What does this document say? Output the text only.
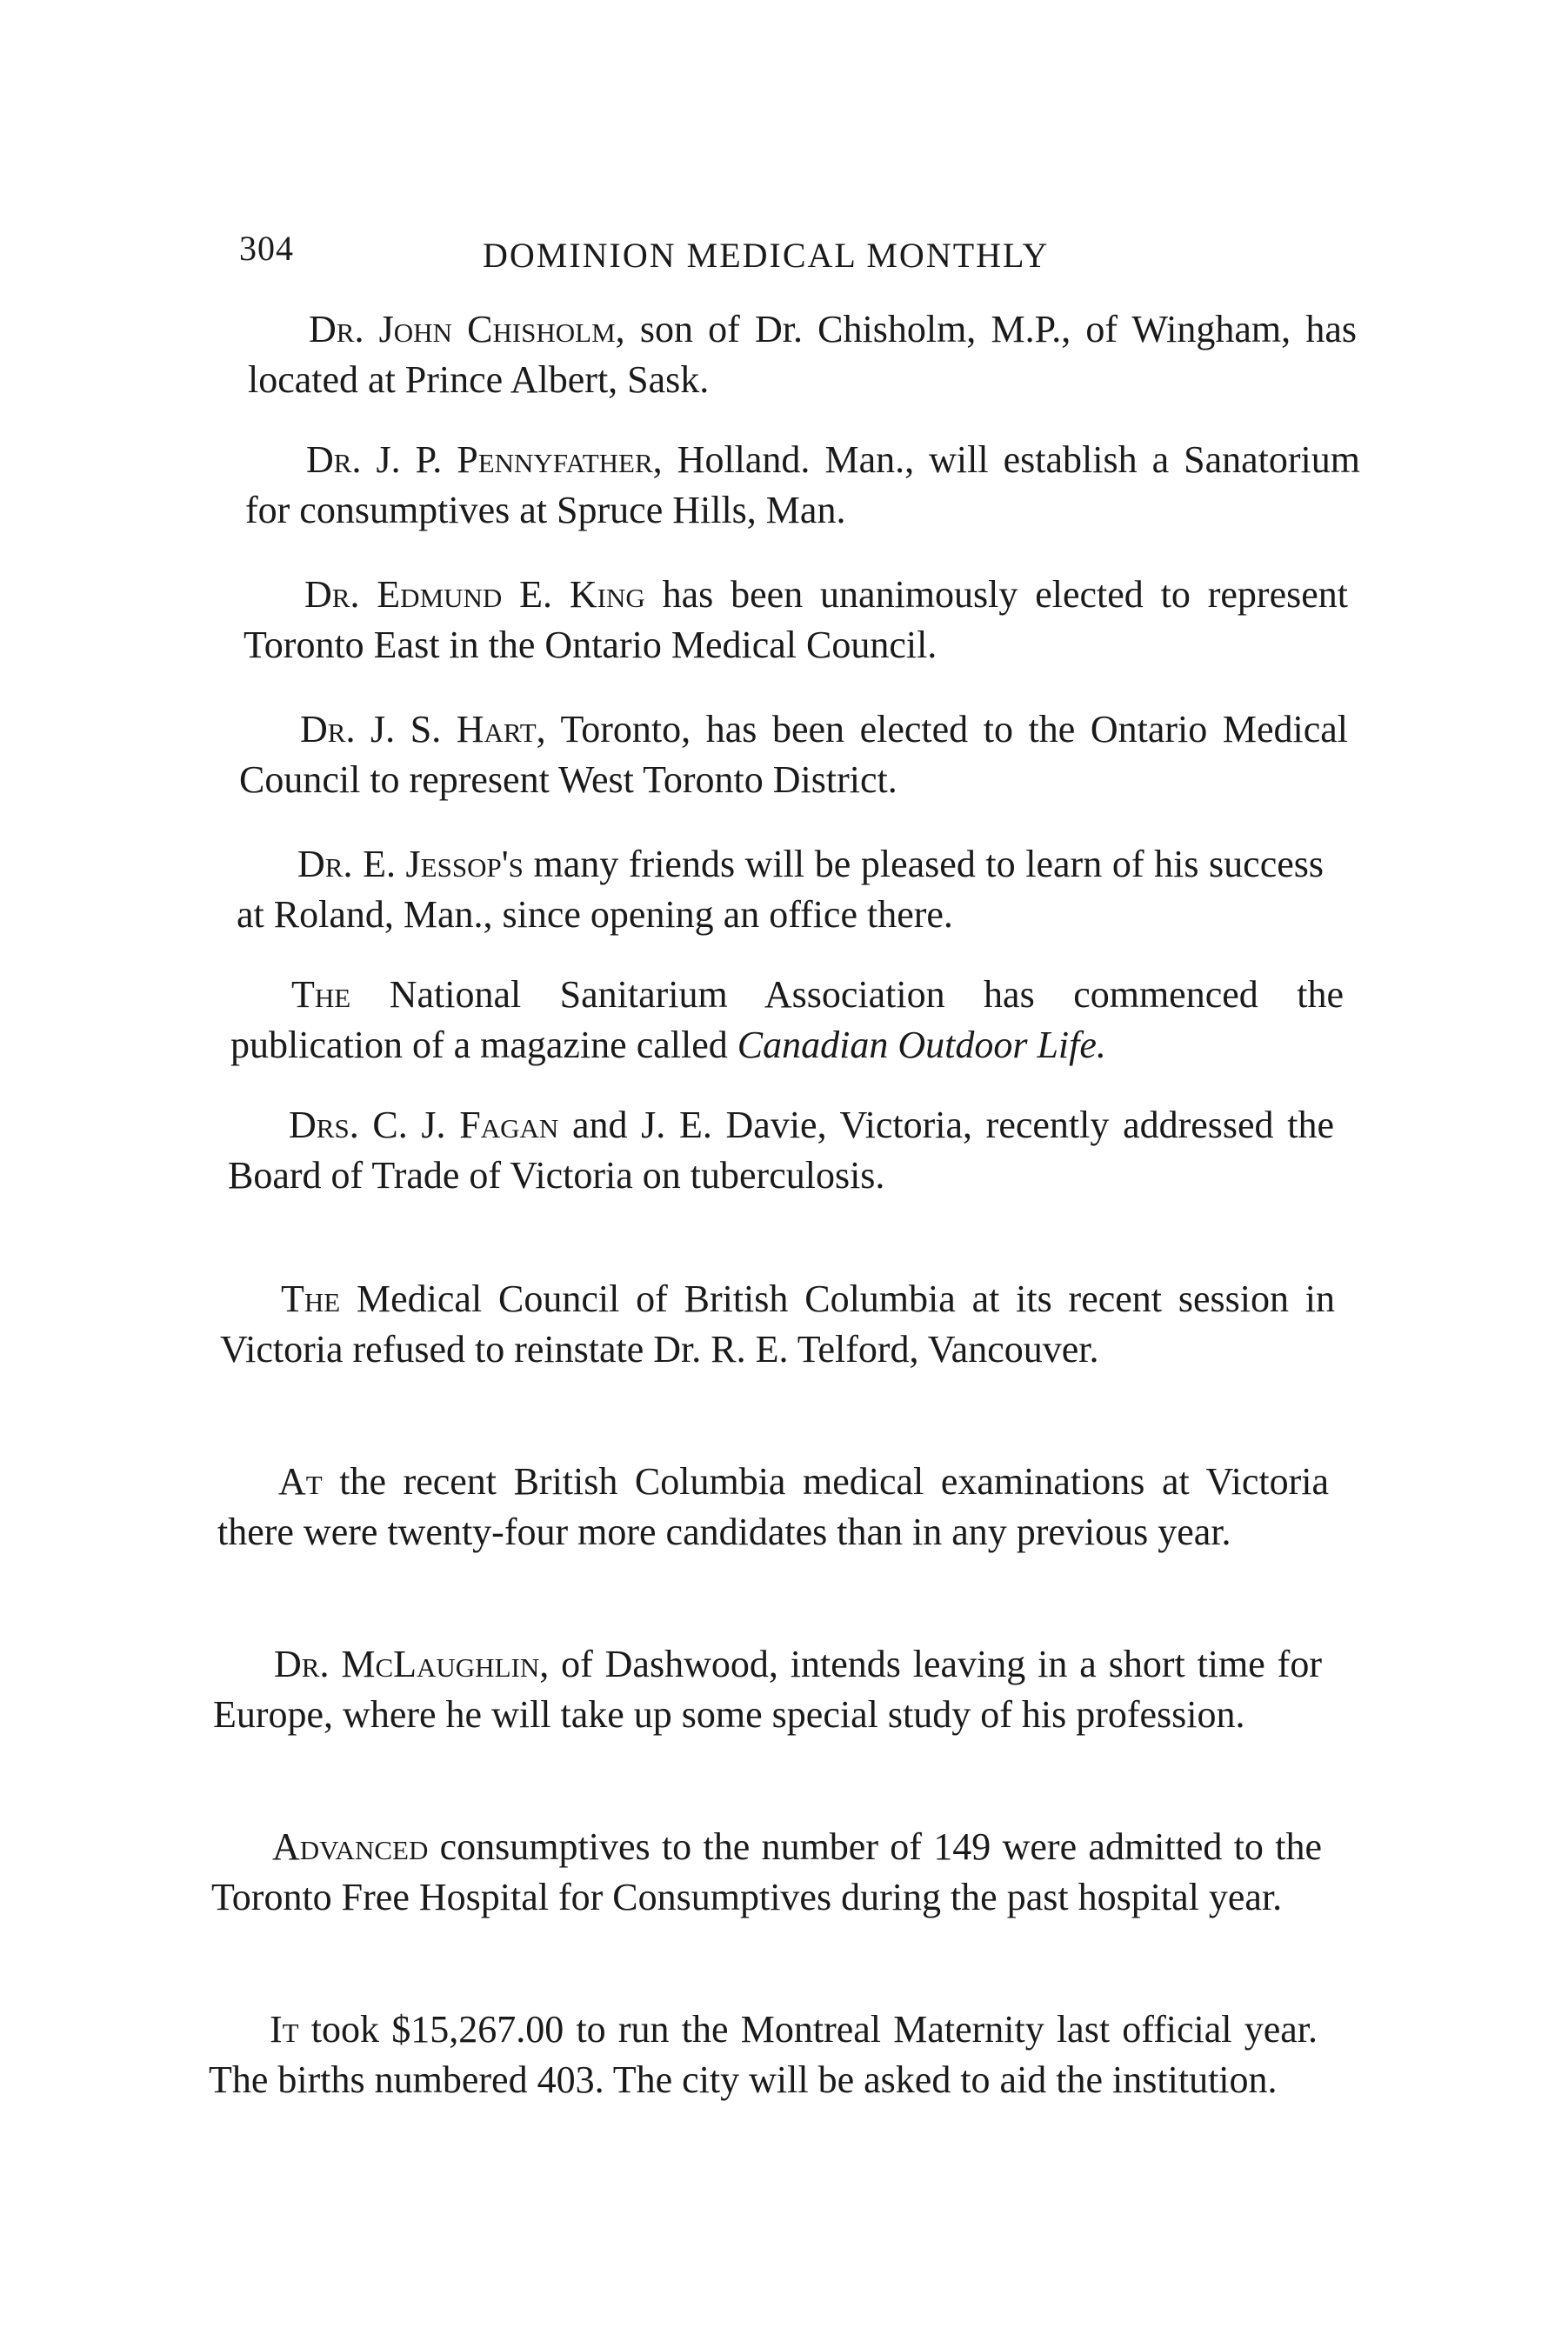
304	DOMINION MEDICAL MONTHLY

Dr. John Chisholm, son of Dr. Chisholm, M.P., of Wingham, has located at Prince Albert, Sask.

Dr. J. P. Pennyfather, Holland. Man., will establish a Sanatorium for consumptives at Spruce Hills, Man.

Dr. Edmund E. King has been unanimously elected to represent Toronto East in the Ontario Medical Council.

Dr. J. S. Hart, Toronto, has been elected to the Ontario Medical Council to represent West Toronto District.

Dr. E. Jessop's many friends will be pleased to learn of his success at Roland, Man., since opening an office there.

The National Sanitarium Association has commenced the publication of a magazine called Canadian Outdoor Life.

Drs. C. J. Fagan and J. E. Davie, Victoria, recently addressed the Board of Trade of Victoria on tuberculosis.

The Medical Council of British Columbia at its recent session in Victoria refused to reinstate Dr. R. E. Telford, Vancouver.

At the recent British Columbia medical examinations at Victoria there were twenty-four more candidates than in any previous year.

Dr. McLaughlin, of Dashwood, intends leaving in a short time for Europe, where he will take up some special study of his profession.

Advanced consumptives to the number of 149 were admitted to the Toronto Free Hospital for Consumptives during the past hospital year.

It took $15,267.00 to run the Montreal Maternity last official year. The births numbered 403. The city will be asked to aid the institution.
